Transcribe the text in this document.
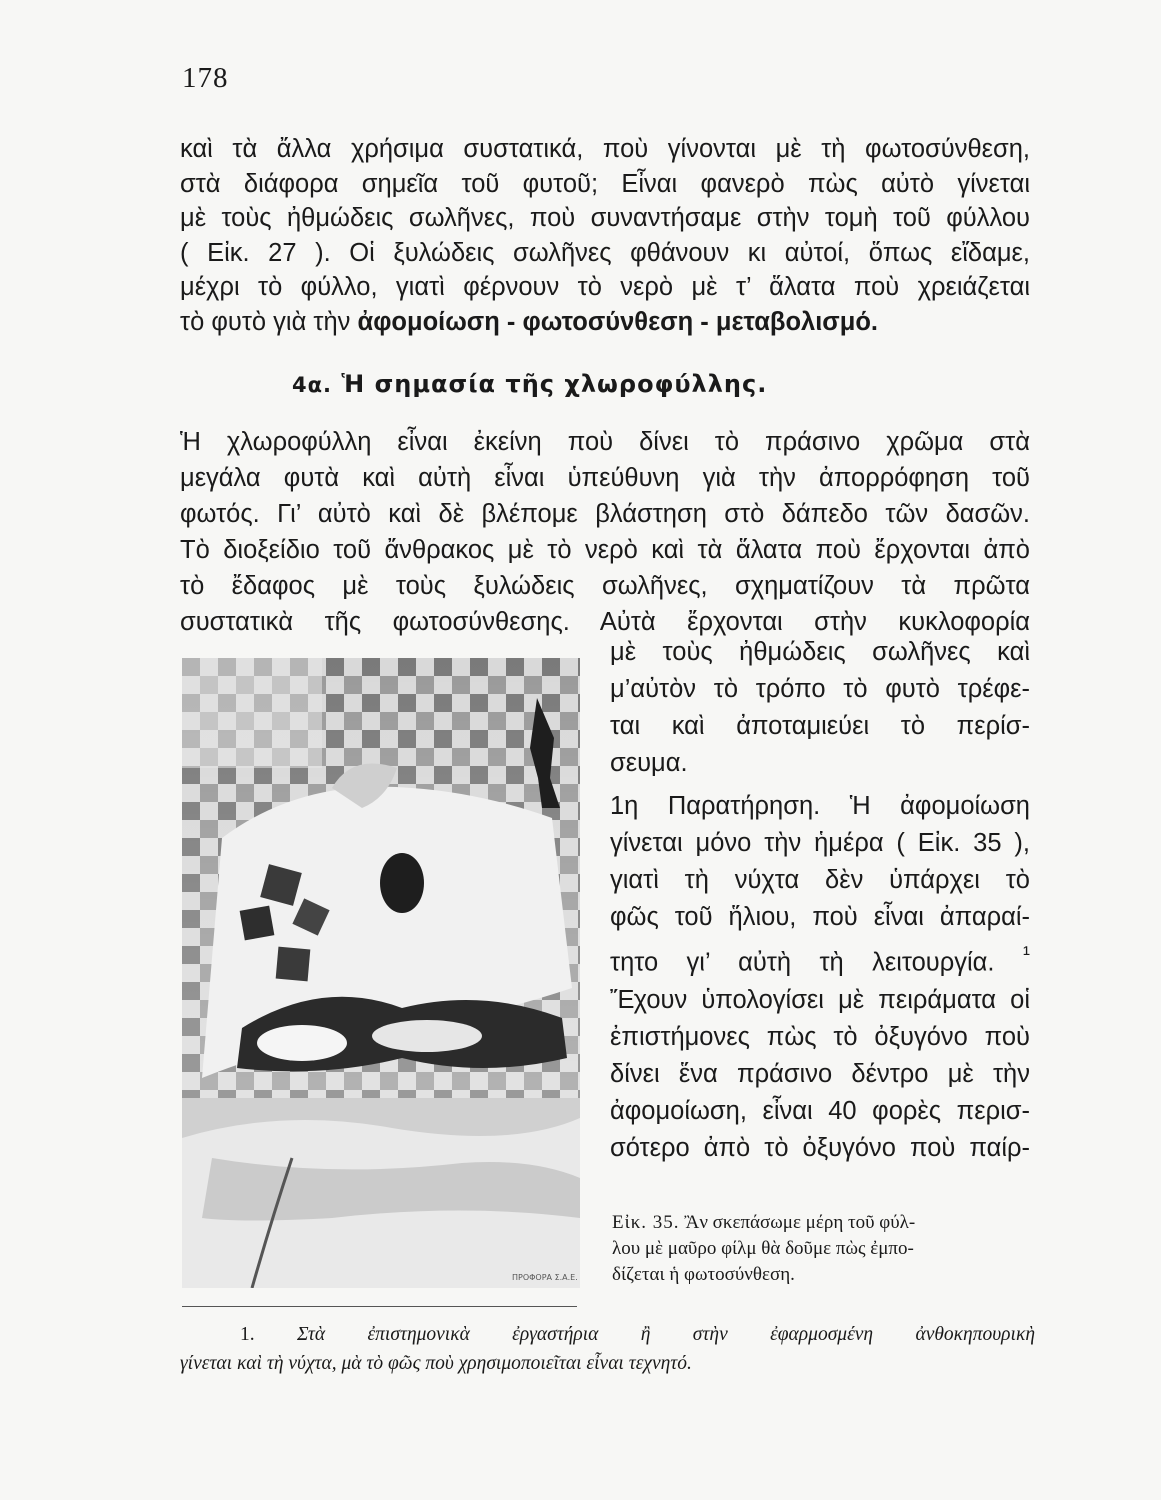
178

καὶ τὰ ἄλλα χρήσιμα συστατικά, ποὺ γίνονται μὲ τὴ φωτοσύνθεση,

στὰ διάφορα σημεῖα τοῦ φυτοῦ; Εἶναι φανερὸ πὼς αὐτὸ γίνεται

μὲ τοὺς ἠθμώδεις σωλῆνες, ποὺ συναντήσαμε στὴν τομὴ τοῦ φύλλου

( Εἰκ. 27 ). Οἱ ξυλώδεις σωλῆνες φθάνουν κι αὐτοί, ὅπως εἴδαμε,

μέχρι τὸ φύλλο, γιατὶ φέρνουν τὸ νερὸ μὲ τ’ ἅλατα ποὺ χρειάζεται

τὸ φυτὸ γιὰ τὴν ἀφομοίωση - φωτοσύνθεση - μεταβολισμό.

4α. Ἡ σημασία τῆς χλωροφύλλης.

Ἡ χλωροφύλλη εἶναι ἐκείνη ποὺ δίνει τὸ πράσινο χρῶμα στὰ

μεγάλα φυτὰ καὶ αὐτὴ εἶναι ὑπεύθυνη γιὰ τὴν ἀπορρόφηση τοῦ

φωτός. Γι’ αὐτὸ καὶ δὲ βλέπομε βλάστηση στὸ δάπεδο τῶν δασῶν.

Τὸ διοξείδιο τοῦ ἄνθρακος μὲ τὸ νερὸ καὶ τὰ ἅλατα ποὺ ἔρχονται ἀπὸ

τὸ ἔδαφος μὲ τοὺς ξυλώδεις σωλῆνες, σχηματίζουν τὰ πρῶτα

συστατικὰ τῆς φωτοσύνθεσης. Αὐτὰ ἔρχονται στὴν κυκλοφορία

ΠΡΟΦΟΡΑ Σ.Α.Ε.

μὲ τοὺς ἠθμώδεις σωλῆνες καὶ

μ’αὐτὸν τὸ τρόπο τὸ φυτὸ τρέφε-

ται καὶ ἀποταμιεύει τὸ περίσ-

σευμα.

1η Παρατήρηση. Ἡ ἀφομοίωση

γίνεται μόνο τὴν ἡμέρα ( Εἰκ. 35 ),

γιατὶ τὴ νύχτα δὲν ὑπάρχει τὸ

φῶς τοῦ ἥλιου, ποὺ εἶναι ἀπαραί-

τητο γι’ αὐτὴ τὴ λειτουργία. $^{^1}$

Ἔχουν ὑπολογίσει μὲ πειράματα οἱ

ἐπιστήμονες πὼς τὸ ὀξυγόνο ποὺ

δίνει ἕνα πράσινο δέντρο μὲ τὴν

ἀφομοίωση, εἶναι 40 φορὲς περισ-

σότερο ἀπὸ τὸ ὀξυγόνο ποὺ παίρ-

Εἰκ. 35. Ἂν σκεπάσωμε μέρη τοῦ φύλ-

λου μὲ μαῦρο φίλμ θὰ δοῦμε πὼς ἐμπο-

δίζεται ἡ φωτοσύνθεση.

1. Στὰ ἐπιστημονικὰ ἐργαστήρια ἢ στὴν ἐφαρμοσμένη ἀνθοκηπουρικὴ

γίνεται καὶ τὴ νύχτα, μὰ τὸ φῶς ποὺ χρησιμοποιεῖται εἶναι τεχνητό.
